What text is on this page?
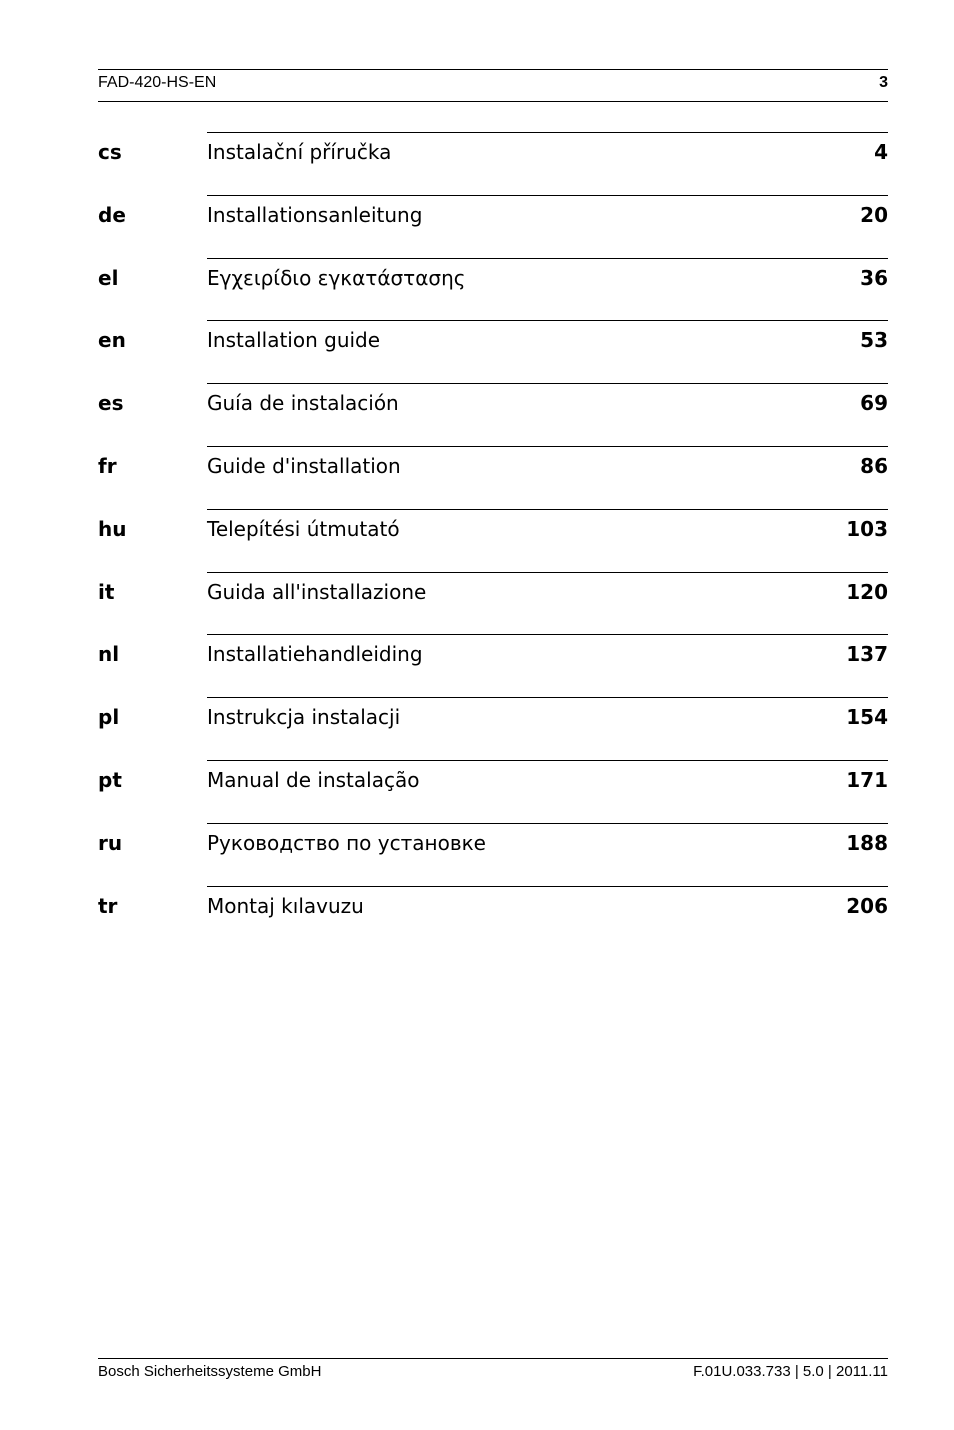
FAD-420-HS-EN	3
cs	Instalační příručka	4
de	Installationsanleitung	20
el	Εγχειρίδιο εγκατάστασης	36
en	Installation guide	53
es	Guía de instalación	69
fr	Guide d'installation	86
hu	Telepítési útmutató	103
it	Guida all'installazione	120
nl	Installatiehandleiding	137
pl	Instrukcja instalacji	154
pt	Manual de instalação	171
ru	Руководство по установке	188
tr	Montaj kılavuzu	206
Bosch Sicherheitssysteme GmbH	F.01U.033.733 | 5.0 | 2011.11
